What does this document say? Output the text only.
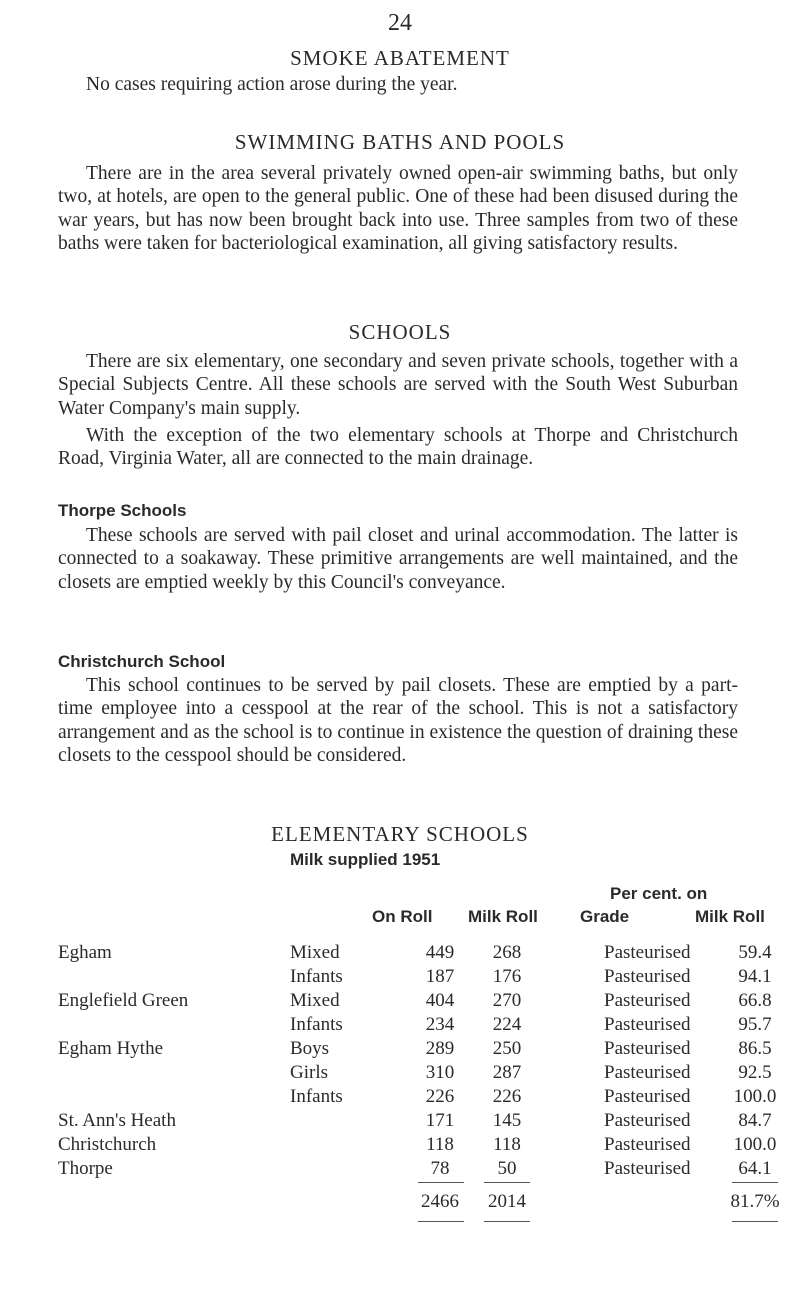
24
SMOKE ABATEMENT

No cases requiring action arose during the year.

SWIMMING BATHS AND POOLS

There are in the area several privately owned open-air swimming baths, but only two, at hotels, are open to the general public. One of these had been disused during the war years, but has now been brought back into use. Three samples from two of these baths were taken for bacteriological examination, all giving satisfactory results.

SCHOOLS

There are six elementary, one secondary and seven private schools, together with a Special Subjects Centre. All these schools are served with the South West Suburban Water Company's main supply.

With the exception of the two elementary schools at Thorpe and Christchurch Road, Virginia Water, all are connected to the main drainage.

Thorpe Schools

These schools are served with pail closet and urinal accommodation. The latter is connected to a soakaway. These primitive arrangements are well maintained, and the closets are emptied weekly by this Council's conveyance.

Christchurch School

This school continues to be served by pail closets. These are emptied by a part-time employee into a cesspool at the rear of the school. This is not a satisfactory arrangement and as the school is to continue in existence the question of draining these closets to the cesspool should be considered.

ELEMENTARY SCHOOLS
Milk supplied 1951
Per cent. on
On Roll Milk Roll Grade	Milk Roll
Egham	Mixed	449	268	Pasteurised	59.4
Infants	187	176	Pasteurised	94.1
Englefield Green	Mixed	404	270	Pasteurised	66.8
Infants	234	224	Pasteurised	95.7
Egham Hythe	Boys	289	250	Pasteurised	86.5
Girls	310	287	Pasteurised	92.5
Infants	226	226	Pasteurised	100.0
St. Ann's Heath	171	145	Pasteurised	84.7
Christchurch	118	118	Pasteurised	100.0
Thorpe	78	50	Pasteurised	64.1
2466	2014	81.7%
